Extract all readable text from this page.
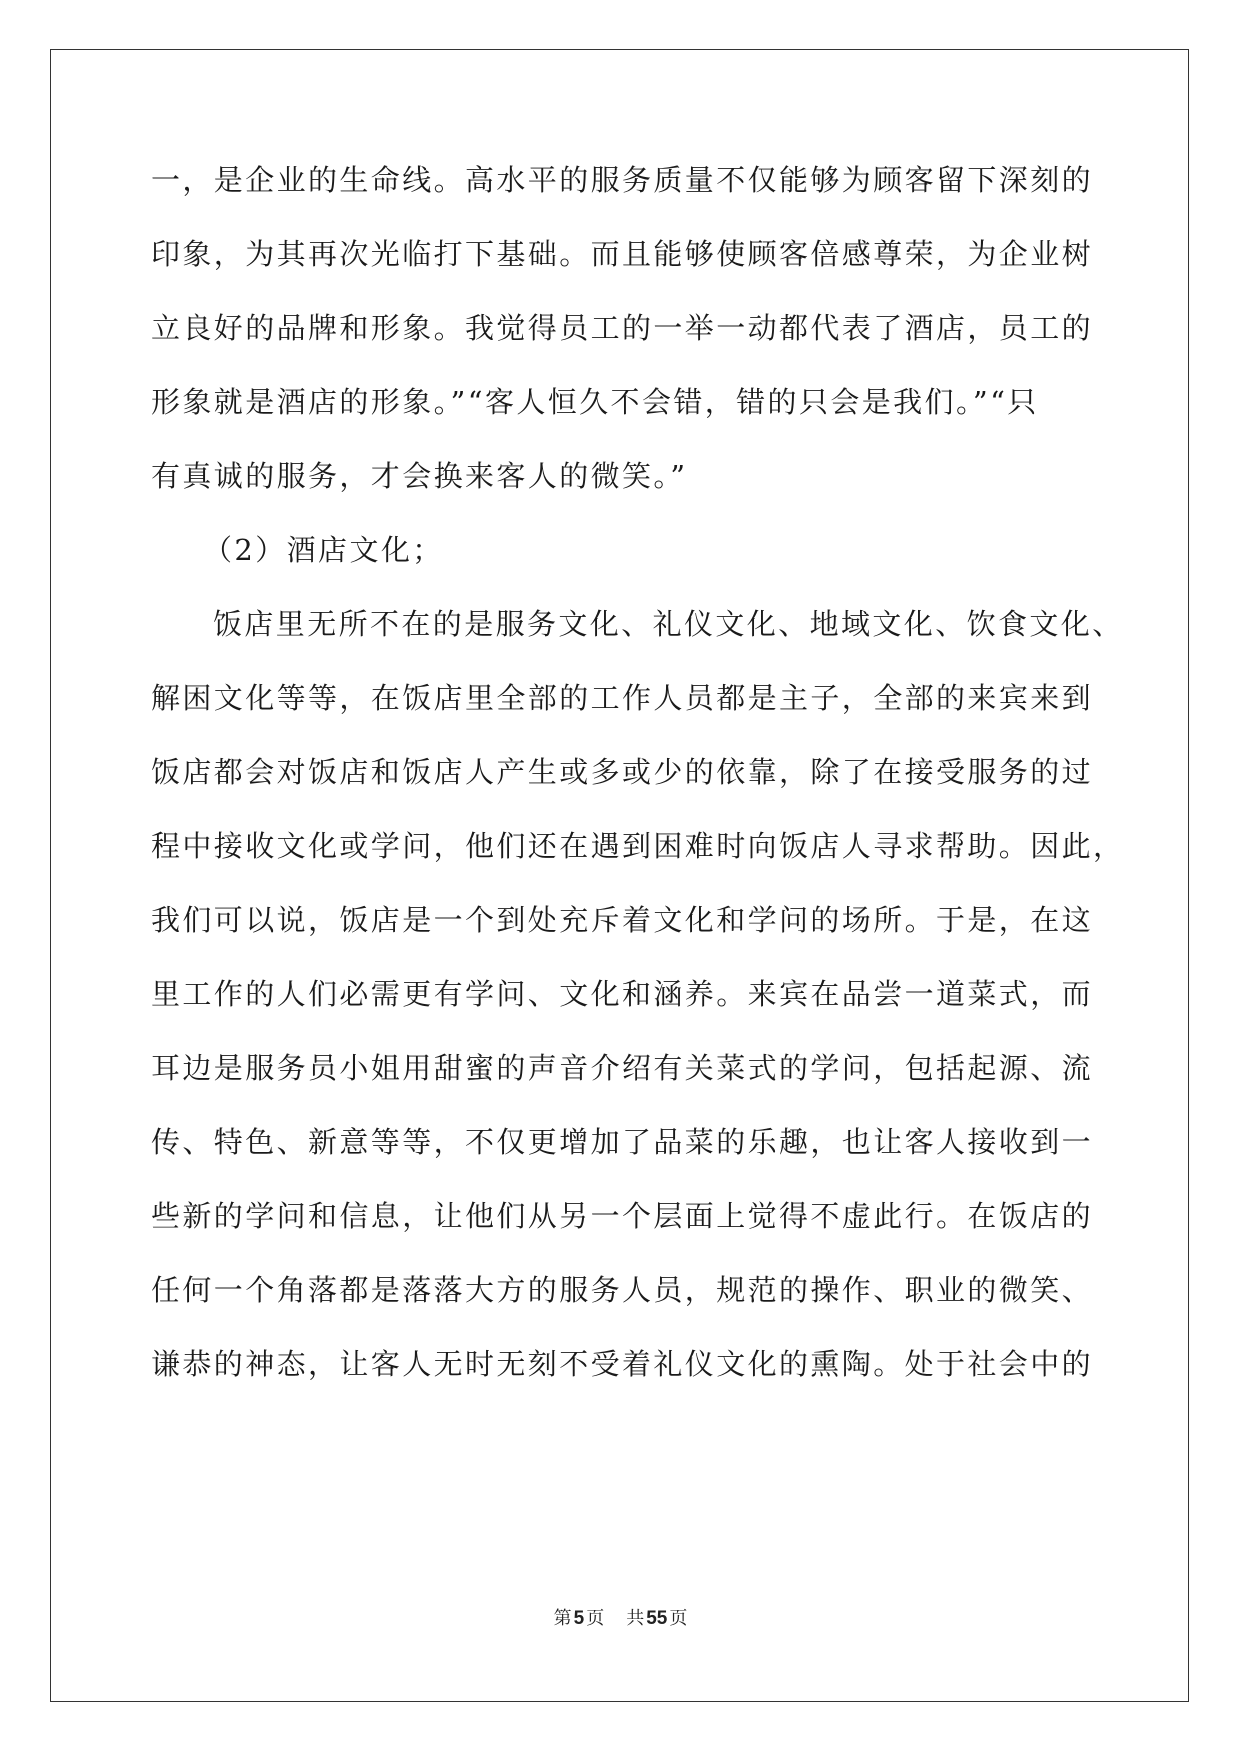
一，是企业的生命线。高水平的服务质量不仅能够为顾客留下深刻的
印象，为其再次光临打下基础。而且能够使顾客倍感尊荣，为企业树
立良好的品牌和形象。我觉得员工的一举一动都代表了酒店，员工的
形象就是酒店的形象。”“客人恒久不会错，错的只会是我们。”“只
有真诚的服务，才会换来客人的微笑。”
（2）酒店文化；
饭店里无所不在的是服务文化、礼仪文化、地域文化、饮食文化、
解困文化等等，在饭店里全部的工作人员都是主子，全部的来宾来到
饭店都会对饭店和饭店人产生或多或少的依靠，除了在接受服务的过
程中接收文化或学问，他们还在遇到困难时向饭店人寻求帮助。因此，
我们可以说，饭店是一个到处充斥着文化和学问的场所。于是，在这
里工作的人们必需更有学问、文化和涵养。来宾在品尝一道菜式，而
耳边是服务员小姐用甜蜜的声音介绍有关菜式的学问，包括起源、流
传、特色、新意等等，不仅更增加了品菜的乐趣，也让客人接收到一
些新的学问和信息，让他们从另一个层面上觉得不虚此行。在饭店的
任何一个角落都是落落大方的服务人员，规范的操作、职业的微笑、
谦恭的神态，让客人无时无刻不受着礼仪文化的熏陶。处于社会中的
第 5 页 共 55 页
